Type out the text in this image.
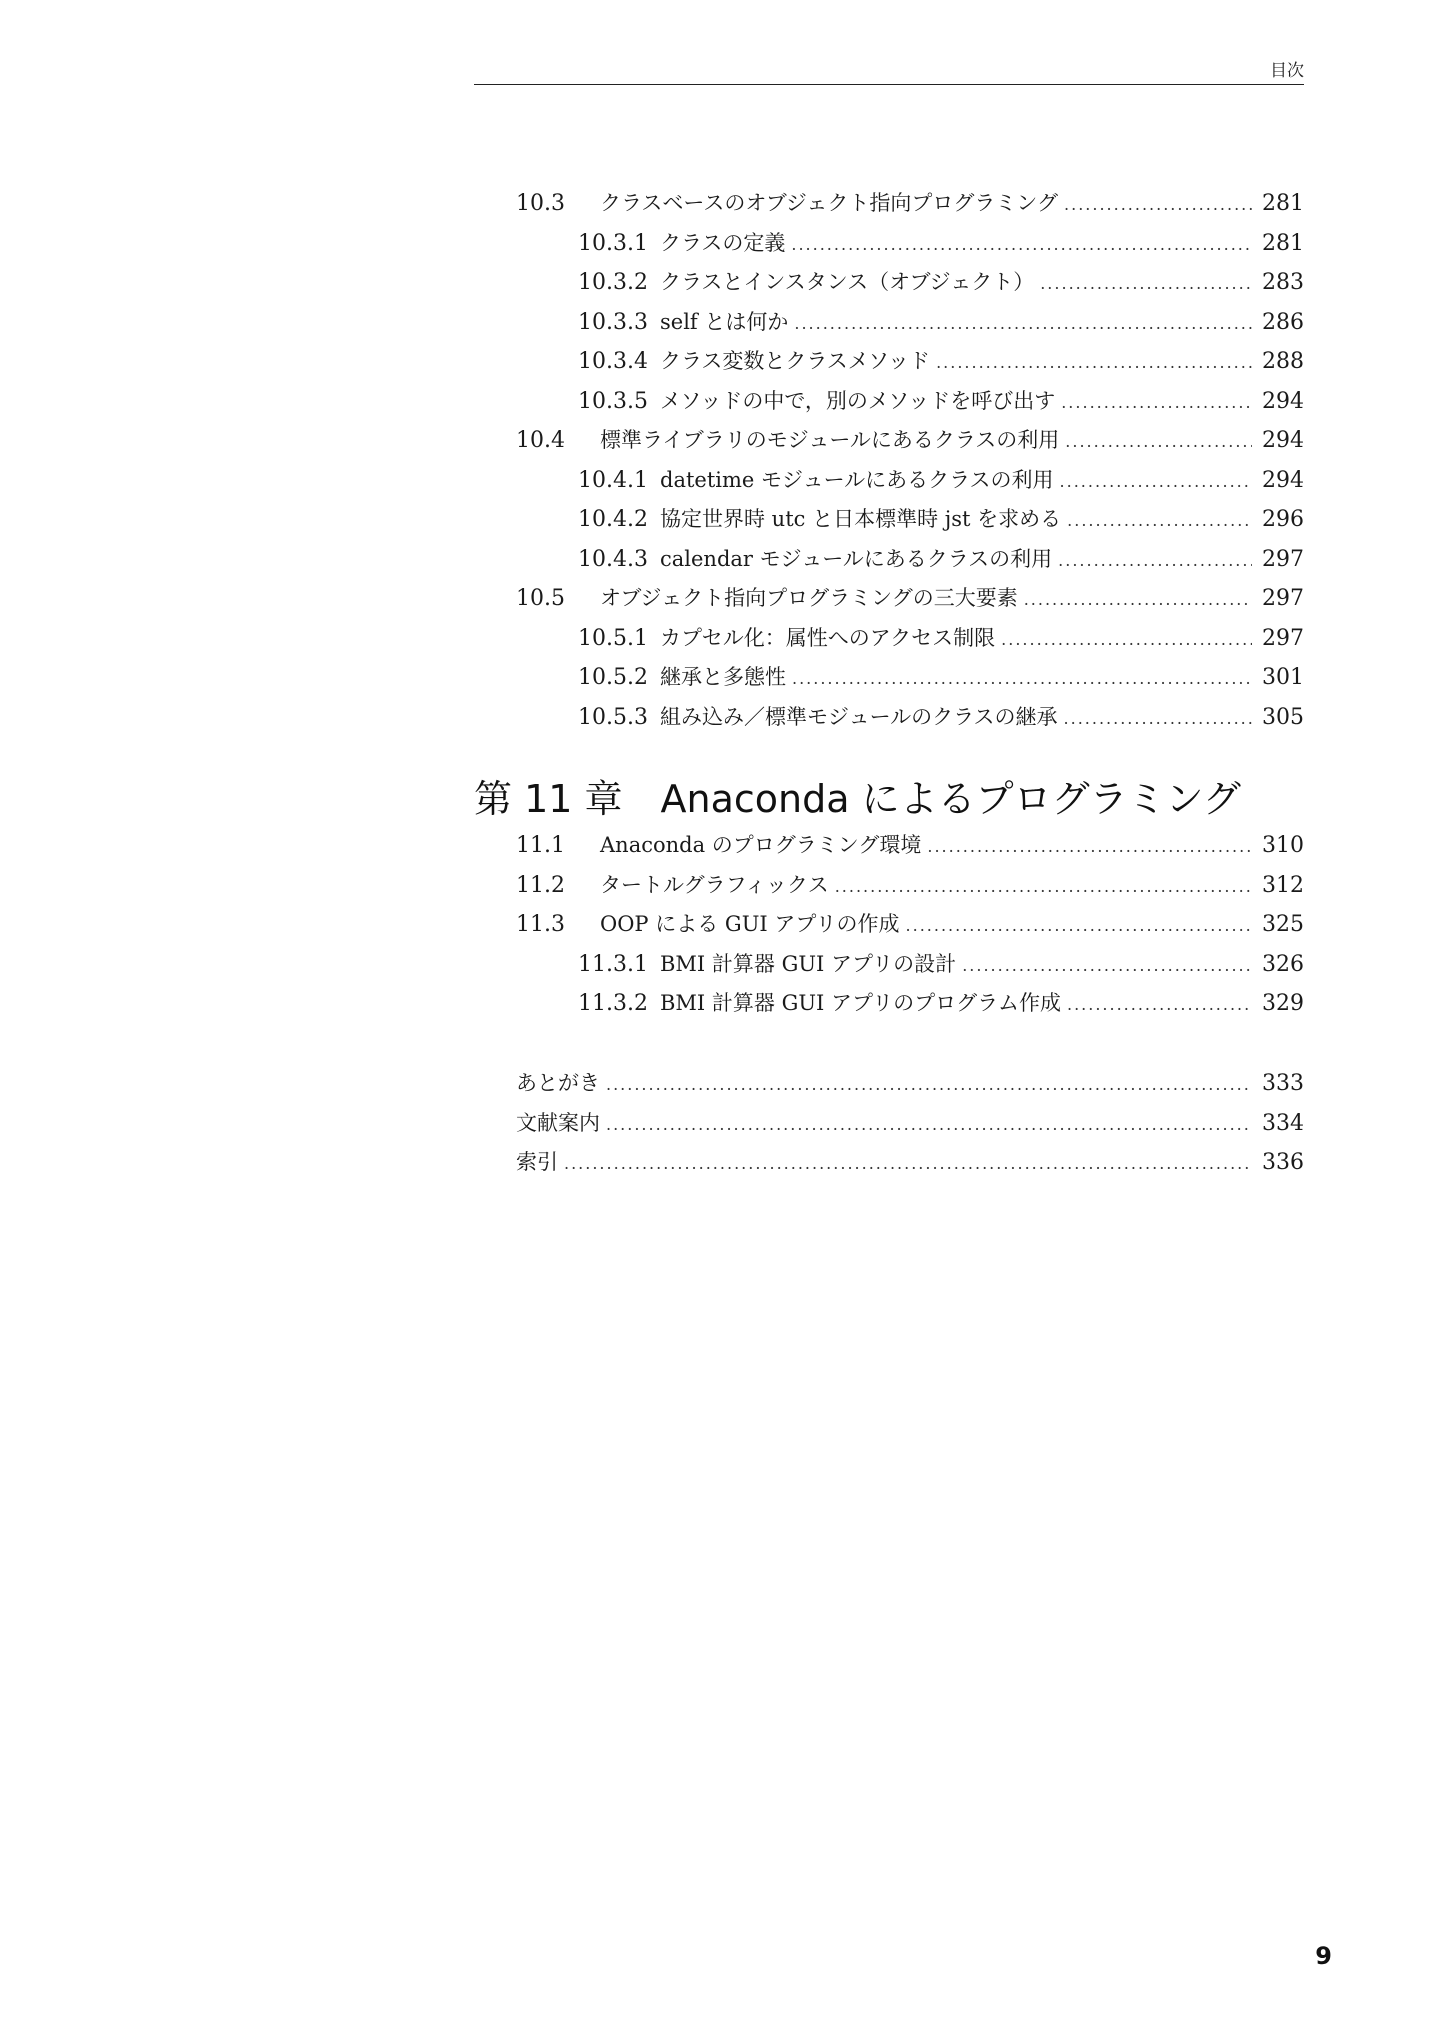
目次
10.3	クラスベースのオブジェクト指向プログラミング .....	281
10.3.1 クラスの定義 .....	281
10.3.2 クラスとインスタンス（オブジェクト） .....	283
10.3.3 self とは何か .....	286
10.3.4 クラス変数とクラスメソッド .....	288
10.3.5 メソッドの中で，別のメソッドを呼び出す .....	294
10.4	標準ライブラリのモジュールにあるクラスの利用 .....	294
10.4.1 datetime モジュールにあるクラスの利用 .....	294
10.4.2 協定世界時 utc と日本標準時 jst を求める .....	296
10.4.3 calendar モジュールにあるクラスの利用 .....	297
10.5	オブジェクト指向プログラミングの三大要素 .....	297
10.5.1 カプセル化：属性へのアクセス制限 .....	297
10.5.2 継承と多態性 .....	301
10.5.3 組み込み／標準モジュールのクラスの継承 .....	305
第 11 章　Anaconda によるプログラミング
11.1	Anaconda のプログラミング環境 .....	310
11.2	タートルグラフィックス .....	312
11.3	OOP による GUI アプリの作成 .....	325
11.3.1 BMI 計算器 GUI アプリの設計 .....	326
11.3.2 BMI 計算器 GUI アプリのプログラム作成 .....	329
あとがき .....	333
文献案内 .....	334
索引 .....	336
9
